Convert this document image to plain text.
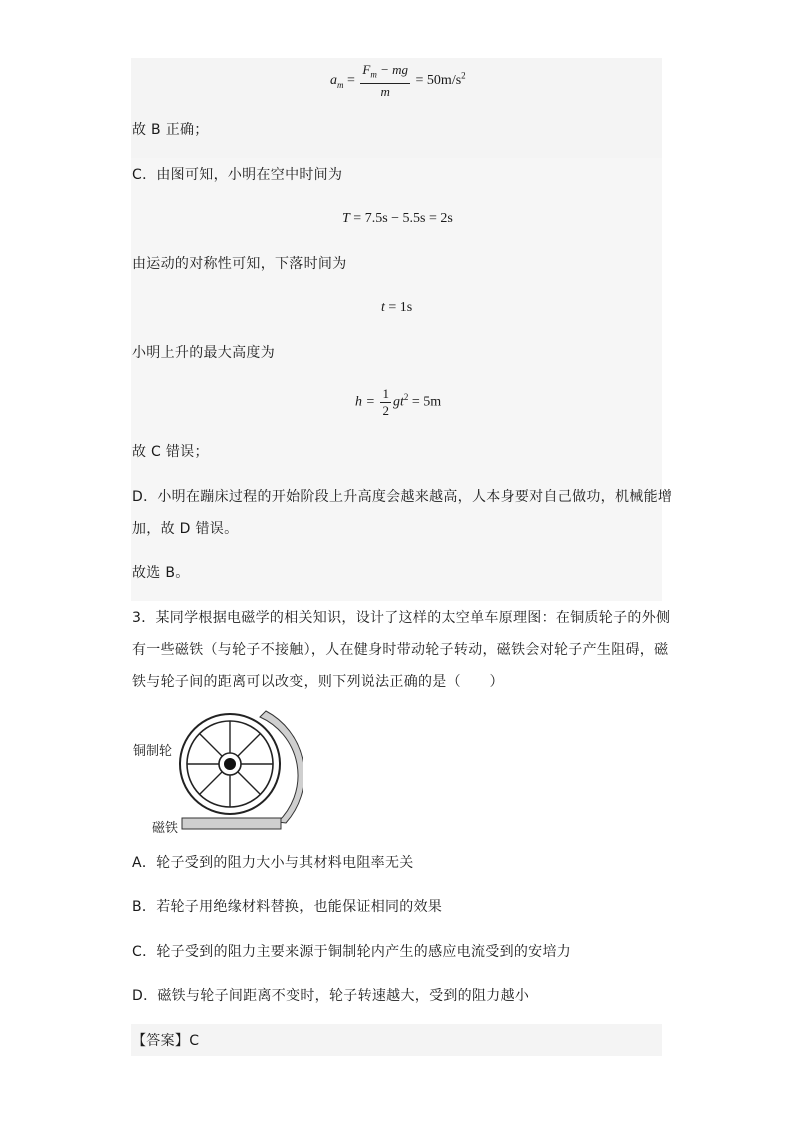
$a_m = \frac{F_m - mg}{m} = 50m/s^2$
故 B 正确；
C．由图可知，小明在空中时间为
T = 7.5s − 5.5s = 2s
由运动的对称性可知，下落时间为
t = 1s
小明上升的最大高度为
$h = \frac{1}{2} gt^2 = 5m$
故 C 错误；
D．小明在蹦床过程的开始阶段上升高度会越来越高，人本身要对自己做功，机械能增
加，故 D 错误。
故选 B。
3．某同学根据电磁学的相关知识，设计了这样的太空单车原理图：在铜质轮子的外侧
有一些磁铁（与轮子不接触），人在健身时带动轮子转动，磁铁会对轮子产生阻碍，磁
铁与轮子间的距离可以改变，则下列说法正确的是（　　）
铜制轮
磁铁
A．轮子受到的阻力大小与其材料电阻率无关
B．若轮子用绝缘材料替换，也能保证相同的效果
C．轮子受到的阻力主要来源于铜制轮内产生的感应电流受到的安培力
D．磁铁与轮子间距离不变时，轮子转速越大，受到的阻力越小
【答案】C
